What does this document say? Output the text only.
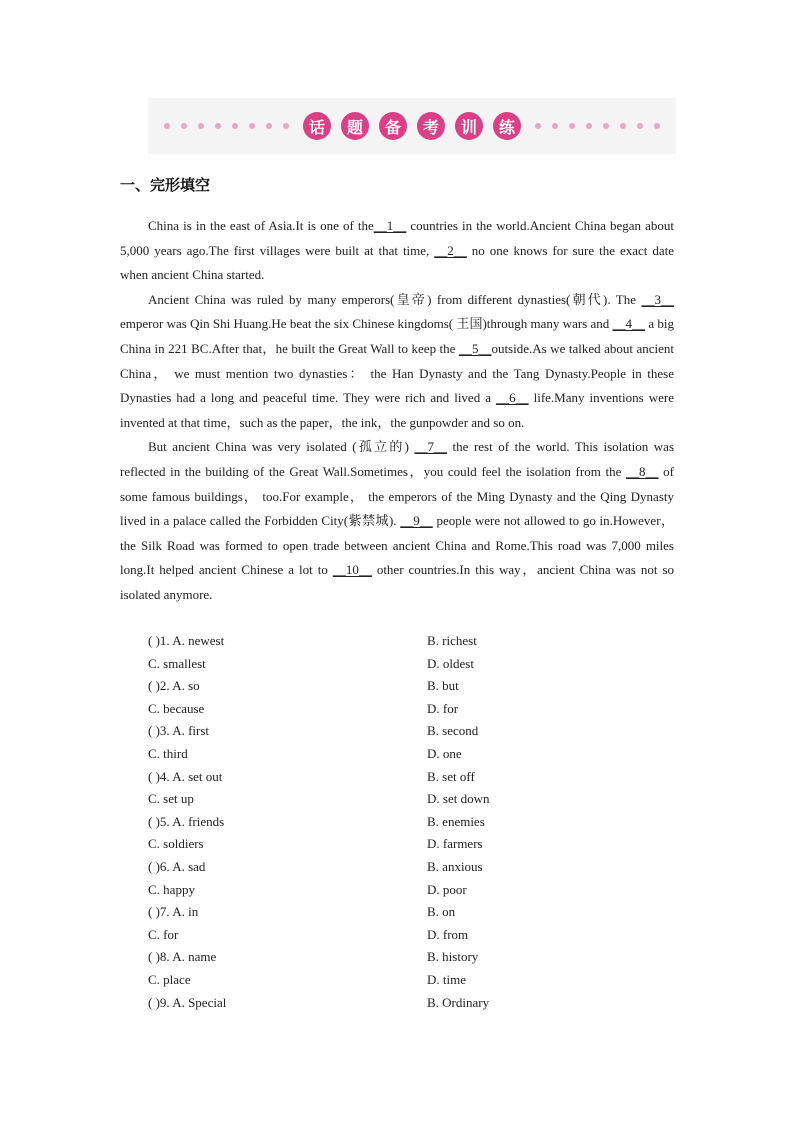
话	题	备	考	训	练
一、完形填空

China is in the east of Asia.It is one of the__1__ countries in the world.Ancient China began about 5,000 years ago.The first villages were built at that time, __2__ no one knows for sure the exact date when ancient China started.

Ancient China was ruled by many emperors(皇帝) from different dynasties(朝代). The __3__ emperor was Qin Shi Huang.He beat the six Chinese kingdoms( 王国)through many wars and __4__ a big China in 221 BC.After that，he built the Great Wall to keep the __5__outside.As we talked about ancient China， we must mention two dynasties： the Han Dynasty and the Tang Dynasty.People in these Dynasties had a long and peaceful time. They were rich and lived a __6__ life.Many inventions were invented at that time，such as the paper，the ink，the gunpowder and so on.

But ancient China was very isolated (孤立的) __7__ the rest of the world. This isolation was reflected in the building of the Great Wall.Sometimes，you could feel the isolation from the __8__ of some famous buildings， too.For example， the emperors of the Ming Dynasty and the Qing Dynasty lived in a palace called the Forbidden City(紫禁城). __9__ people were not allowed to go in.However， the Silk Road was formed to open trade between ancient China and Rome.This road was 7,000 miles long.It helped ancient Chinese a lot to __10__ other countries.In this way，ancient China was not so isolated anymore.

( )1. A. newest	B. richest
C. smallest	D. oldest
( )2. A. so	B. but
C. because	D. for
( )3. A. first	B. second
C. third	D. one
( )4. A. set out	B. set off
C. set up	D. set down
( )5. A. friends	B. enemies
C. soldiers	D. farmers
( )6. A. sad	B. anxious
C. happy	D. poor
( )7. A. in	B. on
C. for	D. from
( )8. A. name	B. history
C. place	D. time
( )9. A. Special	B. Ordinary
